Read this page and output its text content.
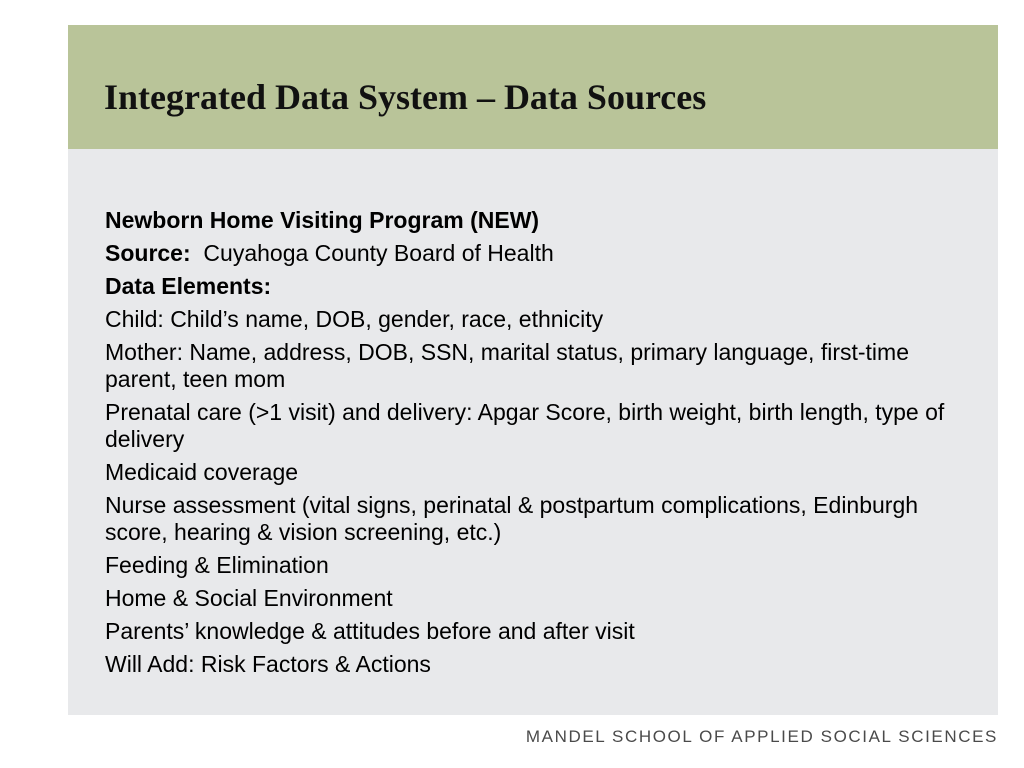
Integrated Data System – Data Sources

Newborn Home Visiting Program (NEW)

Source: Cuyahoga County Board of Health

Data Elements:

Child: Child’s name, DOB, gender, race, ethnicity

Mother: Name, address, DOB, SSN, marital status, primary language, first-time parent, teen mom

Prenatal care (>1 visit) and delivery: Apgar Score, birth weight, birth length, type of delivery

Medicaid coverage

Nurse assessment (vital signs, perinatal & postpartum complications, Edinburgh score, hearing & vision screening, etc.)

Feeding & Elimination

Home & Social Environment

Parents’ knowledge & attitudes before and after visit

Will Add: Risk Factors & Actions

MANDEL SCHOOL OF APPLIED SOCIAL SCIENCES
